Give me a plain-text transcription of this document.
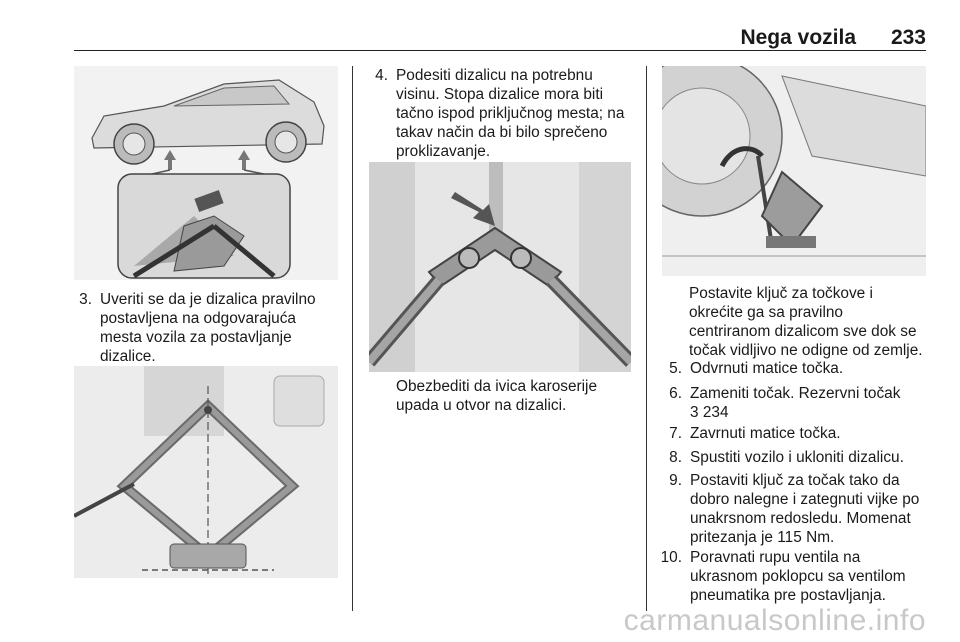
Nega vozila 233
3. Uveriti se da je dizalica pravilno
postavljena na odgovarajuća
mesta vozila za postavljanje
dizalice.
4. Podesiti dizalicu na potrebnu
visinu. Stopa dizalice mora biti
tačno ispod priključnog mesta; na
takav način da bi bilo sprečeno
proklizavanje.
Obezbediti da ivica karoserije
upada u otvor na dizalici.
Postavite ključ za točkove i
okrećite ga sa pravilno
centriranom dizalicom sve dok se
točak vidljivo ne odigne od zemlje.
5. Odvrnuti matice točka.
6. Zameniti točak. Rezervni točak
3 234
7. Zavrnuti matice točka.
8. Spustiti vozilo i ukloniti dizalicu.
9. Postaviti ključ za točak tako da
dobro nalegne i zategnuti vijke po
unakrsnom redosledu. Momenat
pritezanja je 115 Nm.
10. Poravnati rupu ventila na
ukrasnom poklopcu sa ventilom
pneumatika pre postavljanja.
carmanualsonline.info
